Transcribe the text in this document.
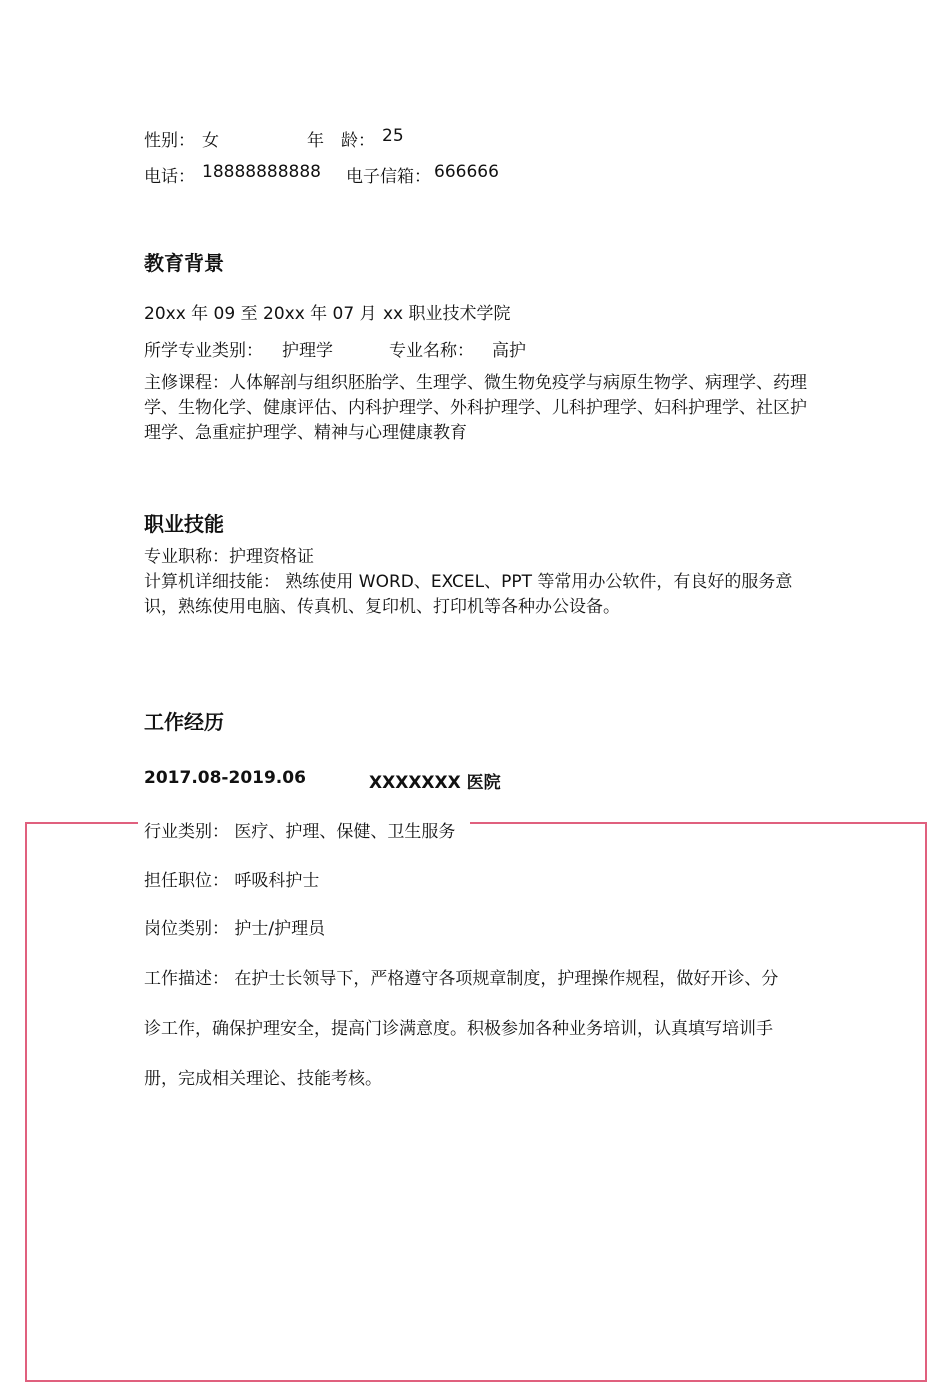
性别： 女	年　龄： 25
电话： 18888888888 电子信箱： 666666
教育背景
20xx 年 09 至 20xx 年 07 月 xx 职业技术学院
所学专业类别： 护理学	专业名称： 高护
主修课程：人体解剖与组织胚胎学、生理学、微生物免疫学与病原生物学、病理学、药理学、生物化学、健康评估、内科护理学、外科护理学、儿科护理学、妇科护理学、社区护理学、急重症护理学、精神与心理健康教育
职业技能
专业职称：护理资格证
计算机详细技能： 熟练使用 WORD、EXCEL、PPT 等常用办公软件，有良好的服务意识，熟练使用电脑、传真机、复印机、打印机等各种办公设备。
工作经历
2017.08-2019.06	XXXXXXX 医院
行业类别： 医疗、护理、保健、卫生服务
担任职位： 呼吸科护士
岗位类别： 护士/护理员
工作描述： 在护士长领导下，严格遵守各项规章制度，护理操作规程，做好开诊、分
诊工作，确保护理安全，提高门诊满意度。积极参加各种业务培训，认真填写培训手
册，完成相关理论、技能考核。
